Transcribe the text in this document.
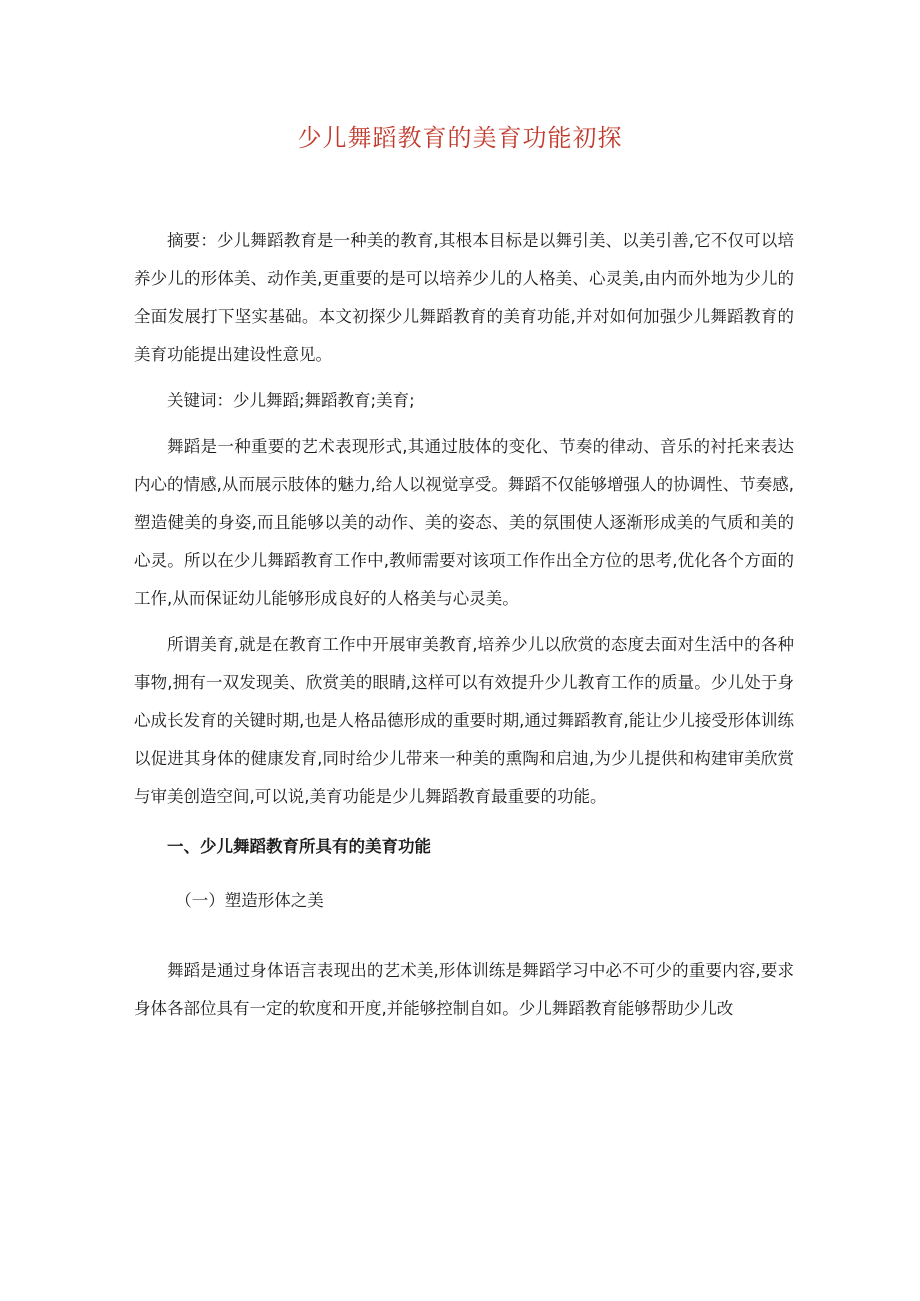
少儿舞蹈教育的美育功能初探

摘要：少儿舞蹈教育是一种美的教育,其根本目标是以舞引美、以美引善,它不仅可以培养少儿的形体美、动作美,更重要的是可以培养少儿的人格美、心灵美,由内而外地为少儿的全面发展打下坚实基础。本文初探少儿舞蹈教育的美育功能,并对如何加强少儿舞蹈教育的美育功能提出建设性意见。

关键词：少儿舞蹈;舞蹈教育;美育;

舞蹈是一种重要的艺术表现形式,其通过肢体的变化、节奏的律动、音乐的衬托来表达内心的情感,从而展示肢体的魅力,给人以视觉享受。舞蹈不仅能够增强人的协调性、节奏感,塑造健美的身姿,而且能够以美的动作、美的姿态、美的氛围使人逐渐形成美的气质和美的心灵。所以在少儿舞蹈教育工作中,教师需要对该项工作作出全方位的思考,优化各个方面的工作,从而保证幼儿能够形成良好的人格美与心灵美。

所谓美育,就是在教育工作中开展审美教育,培养少儿以欣赏的态度去面对生活中的各种事物,拥有一双发现美、欣赏美的眼睛,这样可以有效提升少儿教育工作的质量。少儿处于身心成长发育的关键时期,也是人格品德形成的重要时期,通过舞蹈教育,能让少儿接受形体训练以促进其身体的健康发育,同时给少儿带来一种美的熏陶和启迪,为少儿提供和构建审美欣赏与审美创造空间,可以说,美育功能是少儿舞蹈教育最重要的功能。

一、少儿舞蹈教育所具有的美育功能

（一）塑造形体之美

舞蹈是通过身体语言表现出的艺术美,形体训练是舞蹈学习中必不可少的重要内容,要求身体各部位具有一定的软度和开度,并能够控制自如。少儿舞蹈教育能够帮助少儿改
